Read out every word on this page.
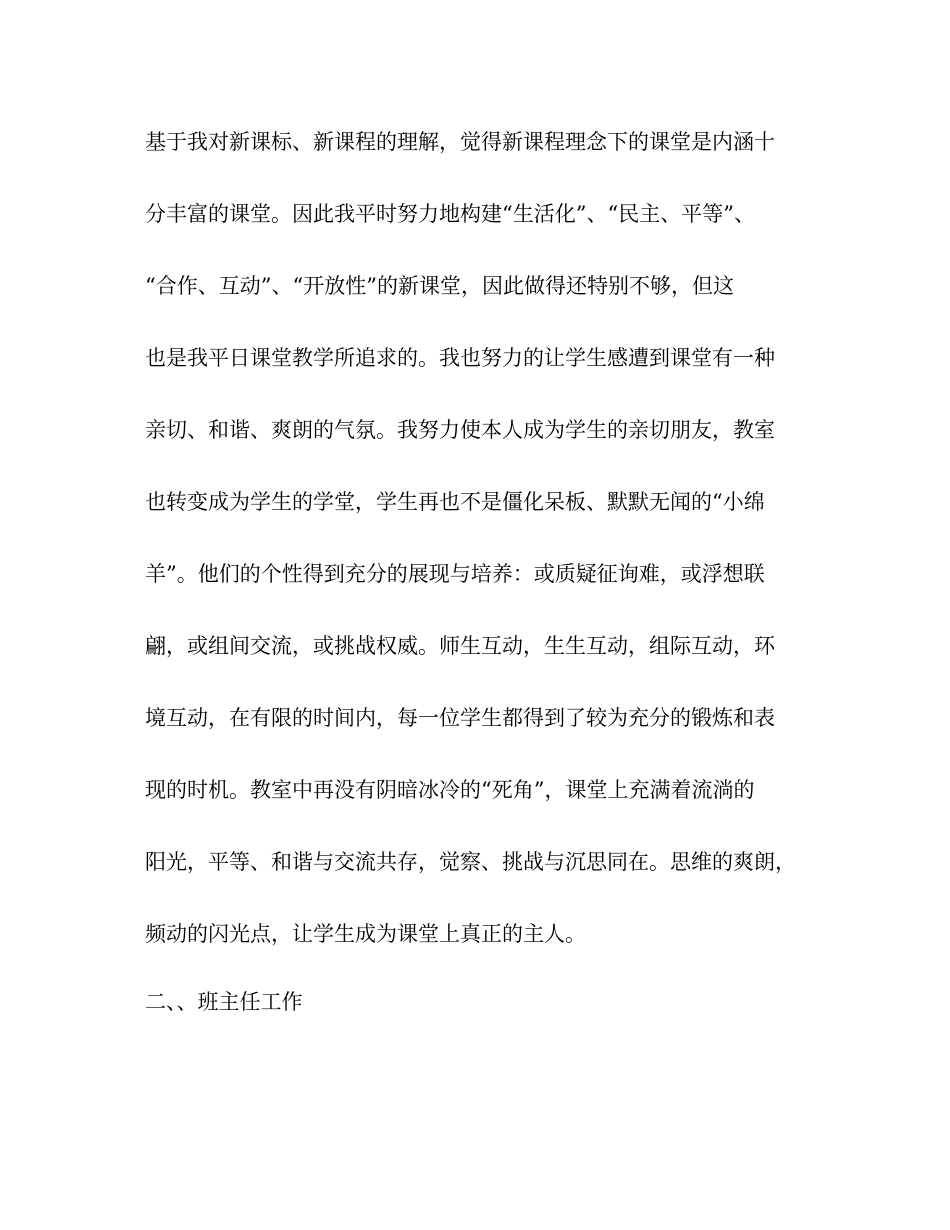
基于我对新课标、新课程的理解，觉得新课程理念下的课堂是内涵十
分丰富的课堂。因此我平时努力地构建“生活化”、“民主、平等”、
“合作、互动”、“开放性”的新课堂，因此做得还特别不够，但这
也是我平日课堂教学所追求的。我也努力的让学生感遭到课堂有一种
亲切、和谐、爽朗的气氛。我努力使本人成为学生的亲切朋友，教室
也转变成为学生的学堂，学生再也不是僵化呆板、默默无闻的“小绵
羊”。他们的个性得到充分的展现与培养：或质疑征询难，或浮想联
翩，或组间交流，或挑战权威。师生互动，生生互动，组际互动，环
境互动，在有限的时间内，每一位学生都得到了较为充分的锻炼和表
现的时机。教室中再没有阴暗冰冷的“死角”，课堂上充满着流淌的
阳光，平等、和谐与交流共存，觉察、挑战与沉思同在。思维的爽朗，
频动的闪光点，让学生成为课堂上真正的主人。
二、、班主任工作
